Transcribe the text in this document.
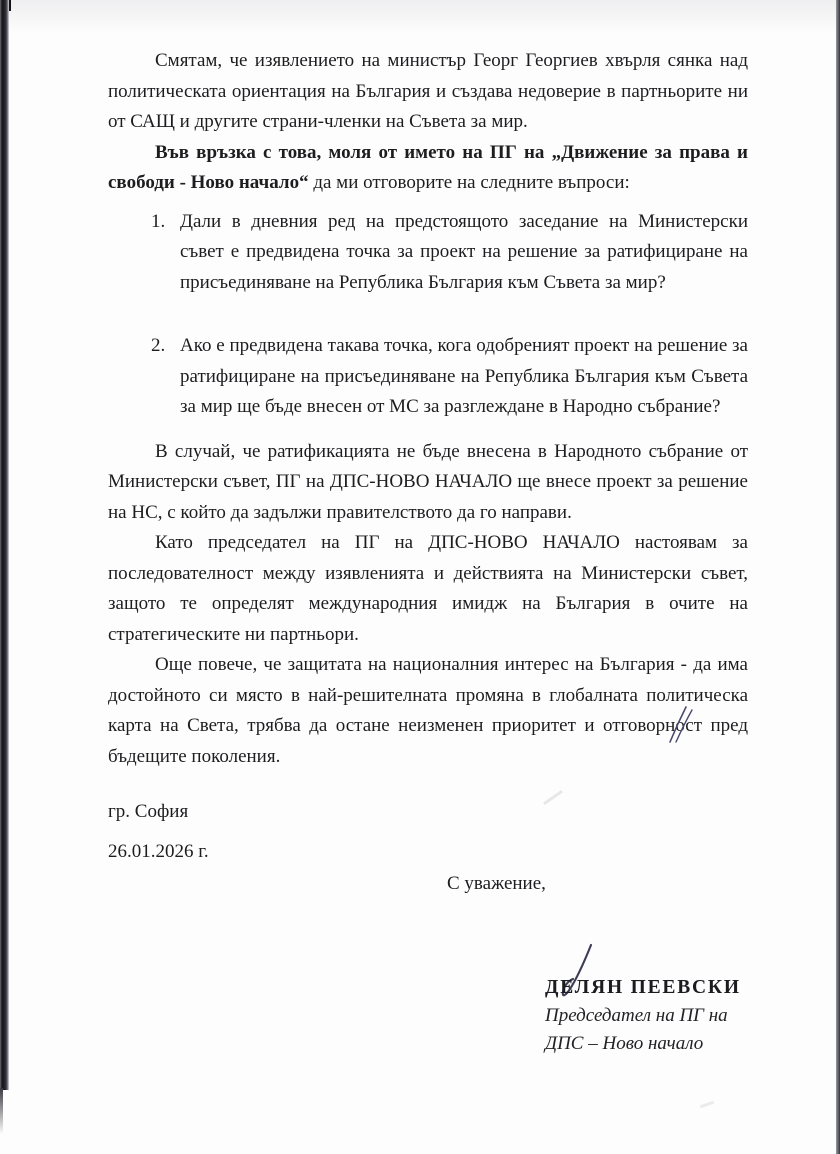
Смятам, че изявлението на министър Георг Георгиев хвърля сянка над политическата ориентация на България и създава недоверие в партньорите ни от САЩ и другите страни-членки на Съвета за мир.

Във връзка с това, моля от името на ПГ на „Движение за права и свободи - Ново начало“ да ми отговорите на следните въпроси:

1. Дали в дневния ред на предстоящото заседание на Министерски съвет е предвидена точка за проект на решение за ратифициране на присъединяване на Република България към Съвета за мир?
2. Ако е предвидена такава точка, кога одобреният проект на решение за ратифициране на присъединяване на Република България към Съвета за мир ще бъде внесен от МС за разглеждане в Народно събрание?

В случай, че ратификацията не бъде внесена в Народното събрание от Министерски съвет, ПГ на ДПС-НОВО НАЧАЛО ще внесе проект за решение на НС, с който да задължи правителството да го направи.

Като председател на ПГ на ДПС-НОВО НАЧАЛО настоявам за последователност между изявленията и действията на Министерски съвет, защото те определят международния имидж на България в очите на стратегическите ни партньори.

Още повече, че защитата на националния интерес на България - да има достойното си място в най-решителната промяна в глобалната политическа карта на Света, трябва да остане неизменен приоритет и отговорност пред бъдещите поколения.

гр. София
26.01.2026 г.
С уважение,
ДЕЛЯН ПЕЕВСКИ
Председател на ПГ на
ДПС – Ново начало
